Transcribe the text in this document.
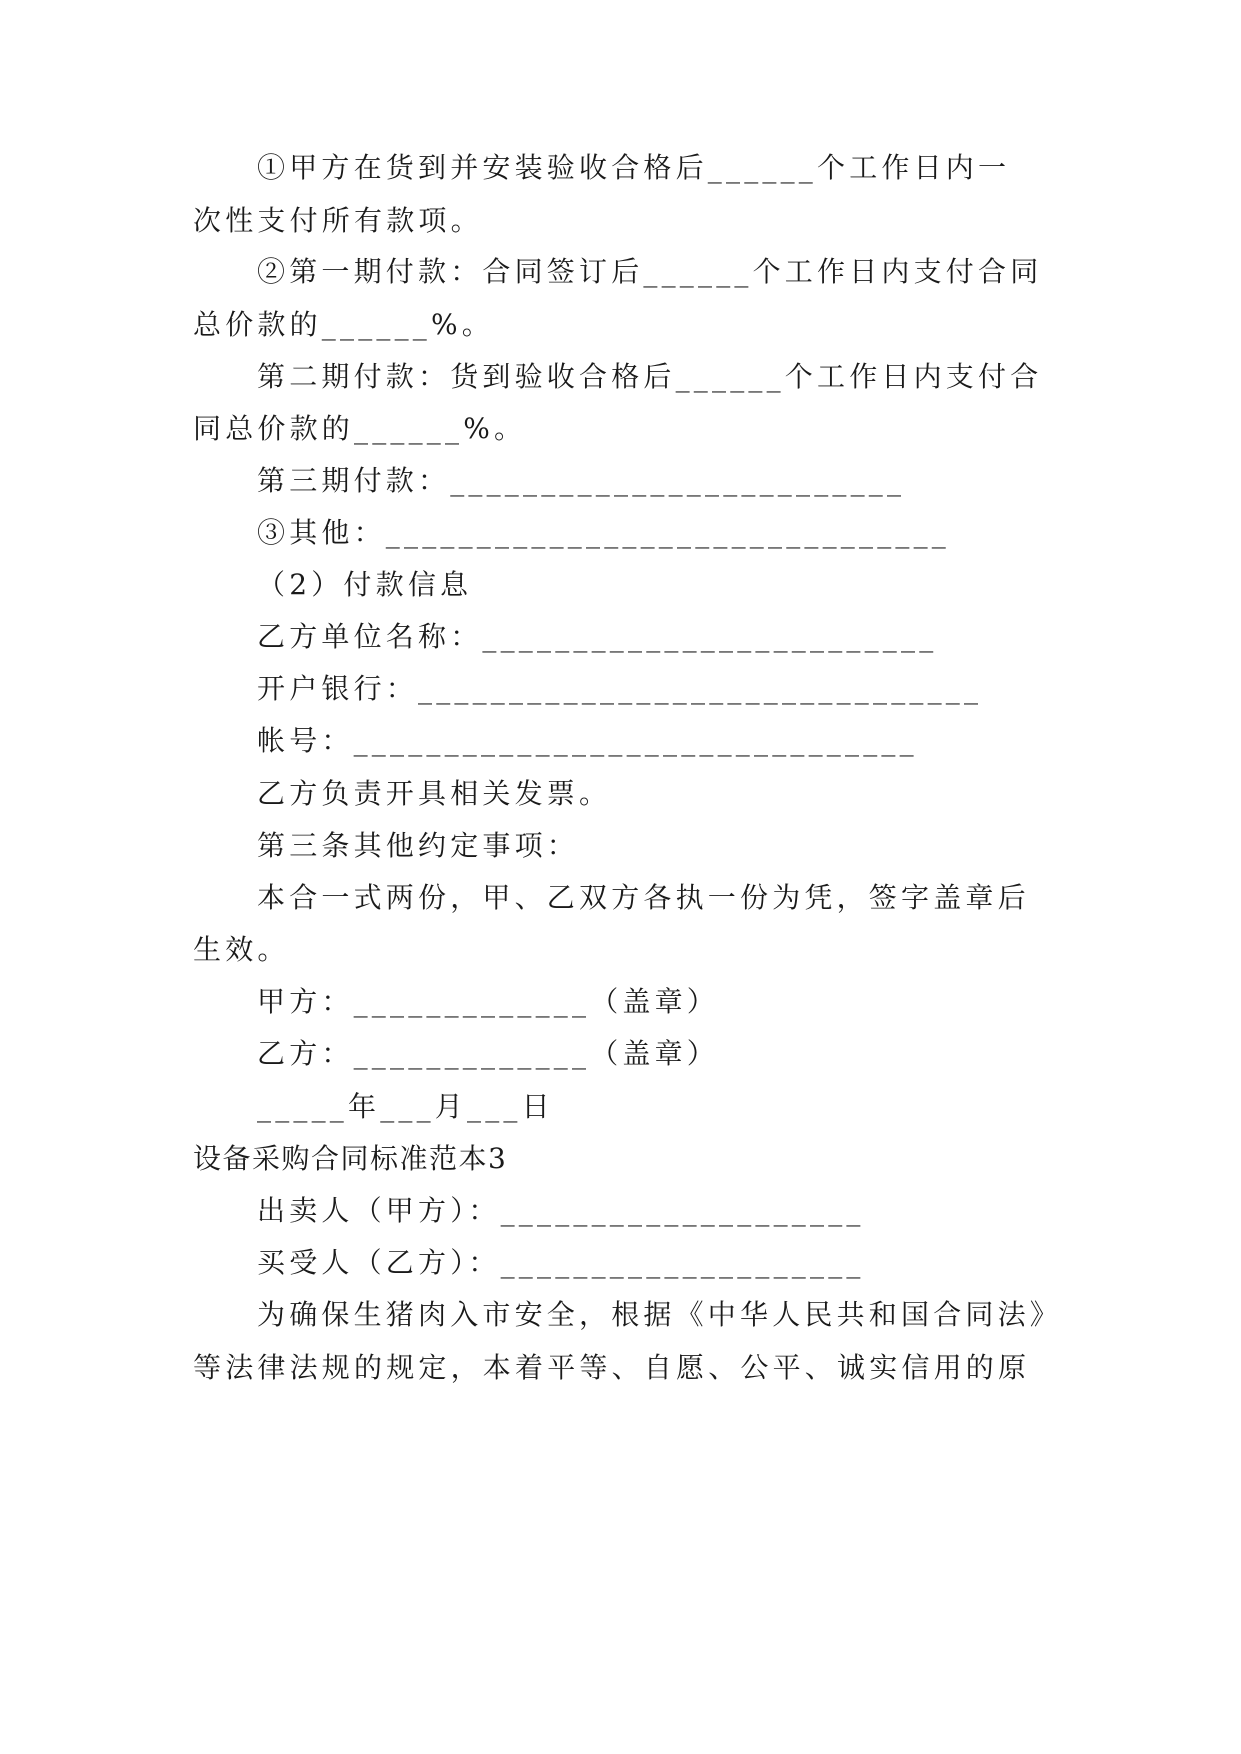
①甲方在货到并安装验收合格后______个工作日内一
次性支付所有款项。
②第一期付款：合同签订后______个工作日内支付合同
总价款的______%。
第二期付款：货到验收合格后______个工作日内支付合
同总价款的______%。
第三期付款：_________________________
③其他：_______________________________
（2）付款信息
乙方单位名称：_________________________
开户银行：_______________________________
帐号：_______________________________
乙方负责开具相关发票。
第三条其他约定事项：
本合一式两份，甲、乙双方各执一份为凭，签字盖章后
生效。
甲方：_____________（盖章）
乙方：_____________（盖章）
_____年___月___日
设备采购合同标准范本3
出卖人（甲方）：____________________
买受人（乙方）：____________________
为确保生猪肉入市安全，根据《中华人民共和国合同法》
等法律法规的规定，本着平等、自愿、公平、诚实信用的原
